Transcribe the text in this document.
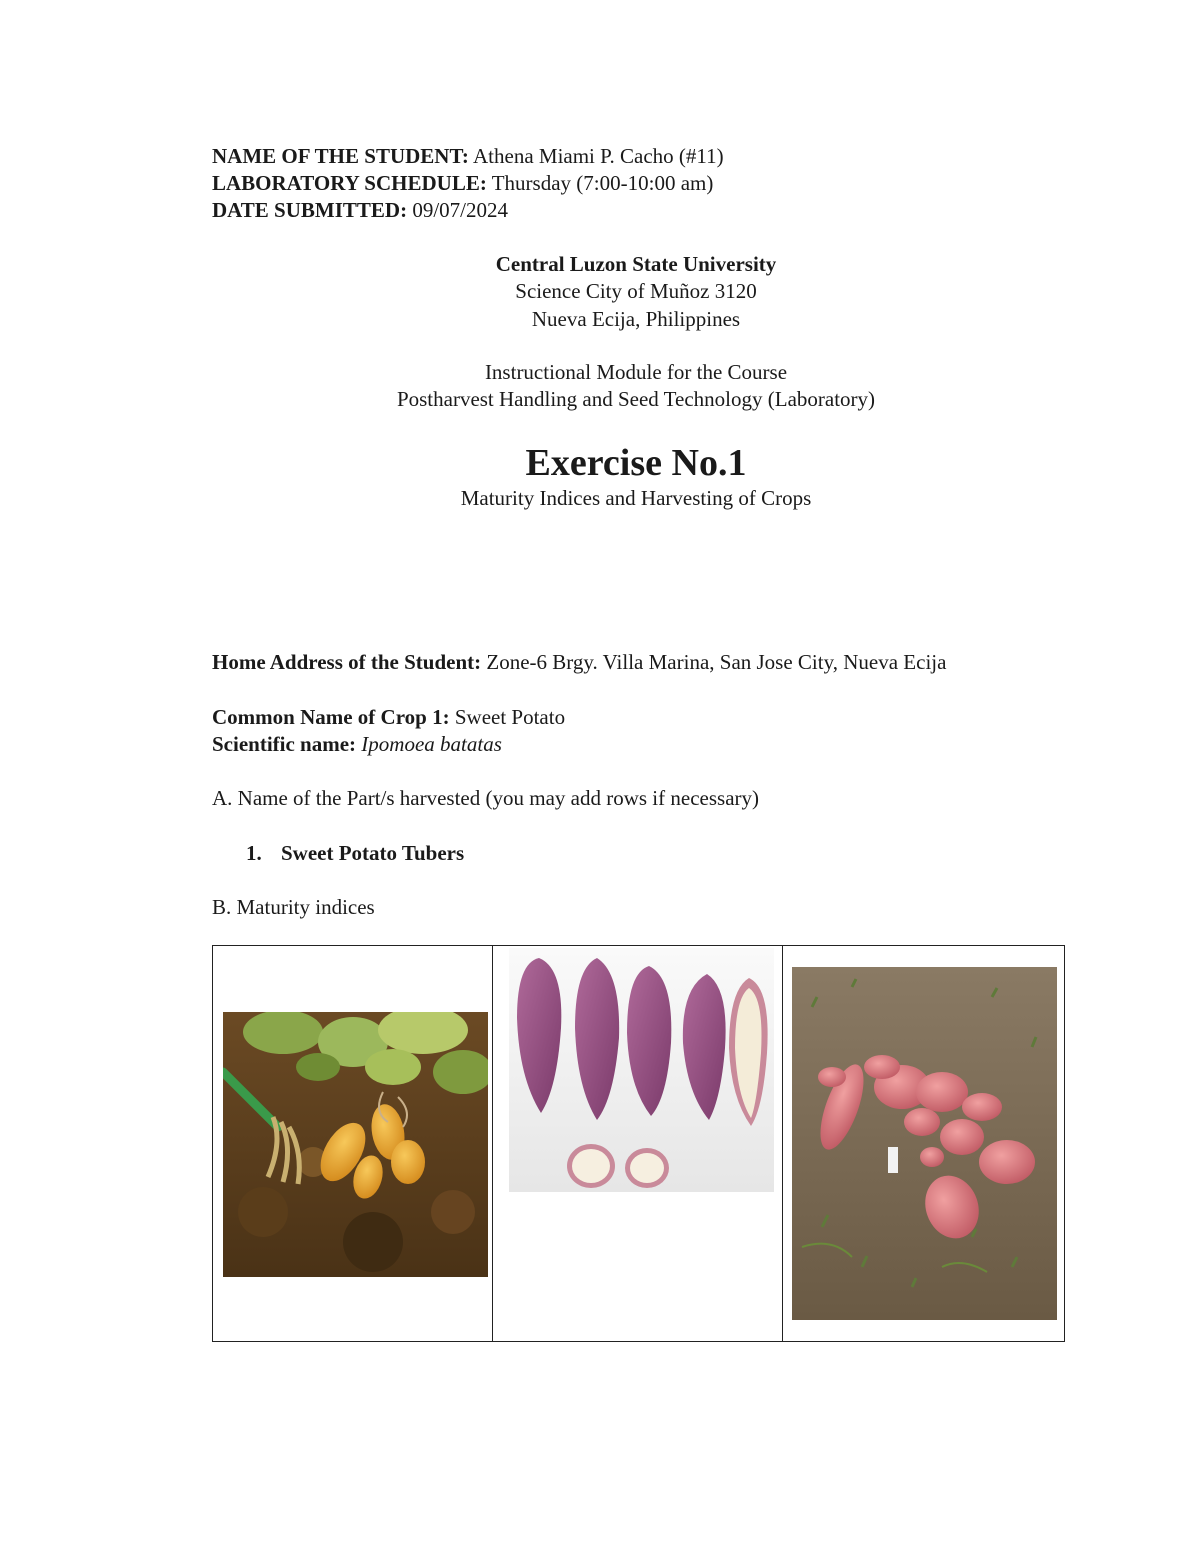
NAME OF THE STUDENT: Athena Miami P. Cacho (#11)
LABORATORY SCHEDULE: Thursday (7:00-10:00 am)
DATE SUBMITTED: 09/07/2024
Central Luzon State University
Science City of Muñoz 3120
Nueva Ecija, Philippines
Instructional Module for the Course
Postharvest Handling and Seed Technology (Laboratory)
Exercise No.1
Maturity Indices and Harvesting of Crops
Home Address of the Student: Zone-6 Brgy. Villa Marina, San Jose City, Nueva Ecija
Common Name of Crop 1: Sweet Potato
Scientific name: Ipomoea batatas
A. Name of the Part/s harvested (you may add rows if necessary)
1. Sweet Potato Tubers
B. Maturity indices
